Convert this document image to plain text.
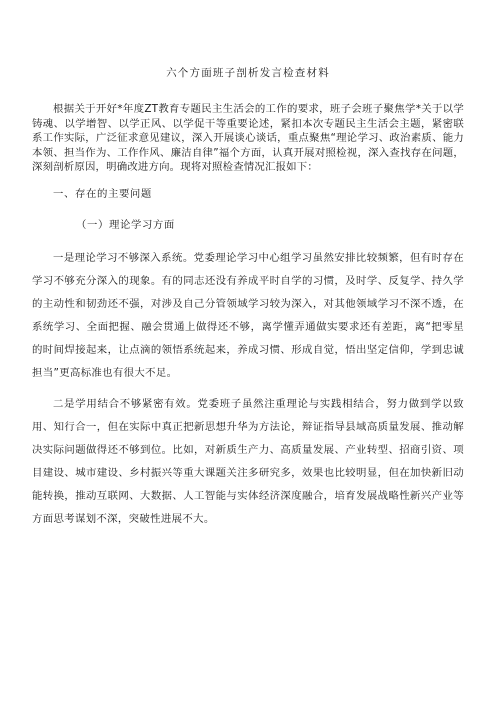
六个方面班子剖析发言检查材料

根据关于开好*年度ZT教育专题民主生活会的工作的要求，班子会班子聚焦学*关于以学铸魂、以学增智、以学正风、以学促干等重要论述，紧扣本次专题民主生活会主题，紧密联系工作实际，广泛征求意见建议，深入开展谈心谈话，重点聚焦“理论学习、政治素质、能力本领、担当作为、工作作风、廉洁自律”福个方面，认真开展对照检视，深入查找存在问题，深刻剖析原因，明确改进方向。现将对照检查情况汇报如下：

一、存在的主要问题
（一）理论学习方面

一是理论学习不够深入系统。党委理论学习中心组学习虽然安排比较频繁，但有时存在学习不够充分深入的现象。有的同志还没有养成平时自学的习惯，及时学、反复学、持久学的主动性和韧劲还不强，对涉及自己分管领域学习较为深入，对其他领域学习不深不透，在系统学习、全面把握、融会贯通上做得还不够，离学懂弄通做实要求还有差距，离“把零星的时间焊接起来，让点滴的领悟系统起来，养成习惯、形成自觉，悟出坚定信仰，学到忠诚担当”更高标准也有很大不足。

二是学用结合不够紧密有效。党委班子虽然注重理论与实践相结合，努力做到学以致用、知行合一，但在实际中真正把新思想升华为方法论，辩证指导县域高质量发展、推动解决实际问题做得还不够到位。比如，对新质生产力、高质量发展、产业转型、招商引资、项目建设、城市建设、乡村振兴等重大课题关注多研究多，效果也比较明显，但在加快新旧动能转换，推动互联网、大数据、人工智能与实体经济深度融合，培育发展战略性新兴产业等方面思考谋划不深，突破性进展不大。
